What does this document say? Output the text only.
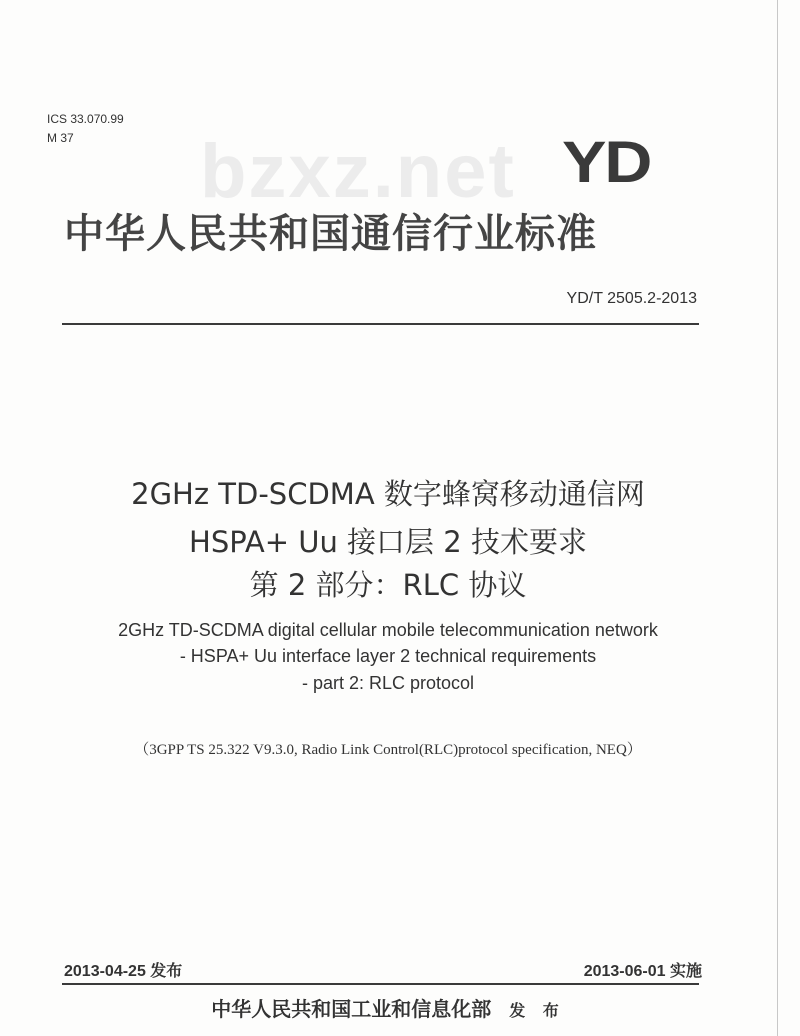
ICS 33.070.99
M 37	bzxz.net YD
中华人民共和国通信行业标准
YD/T 2505.2-2013
2GHz TD-SCDMA 数字蜂窝移动通信网
HSPA+ Uu 接口层 2 技术要求
第 2 部分：RLC 协议
2GHz TD-SCDMA digital cellular mobile telecommunication network
- HSPA+ Uu interface layer 2 technical requirements
- part 2: RLC protocol
（3GPP TS 25.322 V9.3.0, Radio Link Control(RLC)protocol specification, NEQ）
2013-04-25 发布	2013-06-01 实施
中华人民共和国工业和信息化部 发 布
